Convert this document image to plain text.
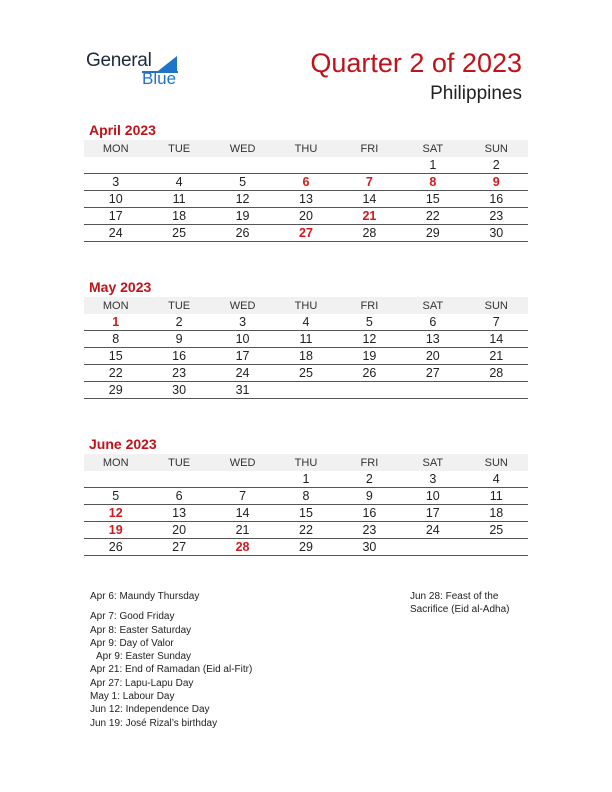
General
Blue
Quarter 2 of 2023
Philippines
April 2023
MON	TUE	WED	THU	FRI	SAT	SUN
					1	2
3	4	5	6	7	8	9
10	11	12	13	14	15	16
17	18	19	20	21	22	23
24	25	26	27	28	29	30
May 2023
MON	TUE	WED	THU	FRI	SAT	SUN
1	2	3	4	5	6	7
8	9	10	11	12	13	14
15	16	17	18	19	20	21
22	23	24	25	26	27	28
29	30	31				
June 2023
MON	TUE	WED	THU	FRI	SAT	SUN
			1	2	3	4
5	6	7	8	9	10	11
12	13	14	15	16	17	18
19	20	21	22	23	24	25
26	27	28	29	30		
Apr 6: Maundy Thursday
Apr 7: Good Friday
Apr 8: Easter Saturday
Apr 9: Day of Valor
Apr 9: Easter Sunday
Apr 21: End of Ramadan (Eid al-Fitr)
Apr 27: Lapu-Lapu Day
May 1: Labour Day
Jun 12: Independence Day
Jun 19: José Rizal’s birthday
Jun 28: Feast of the
Sacrifice (Eid al-Adha)
